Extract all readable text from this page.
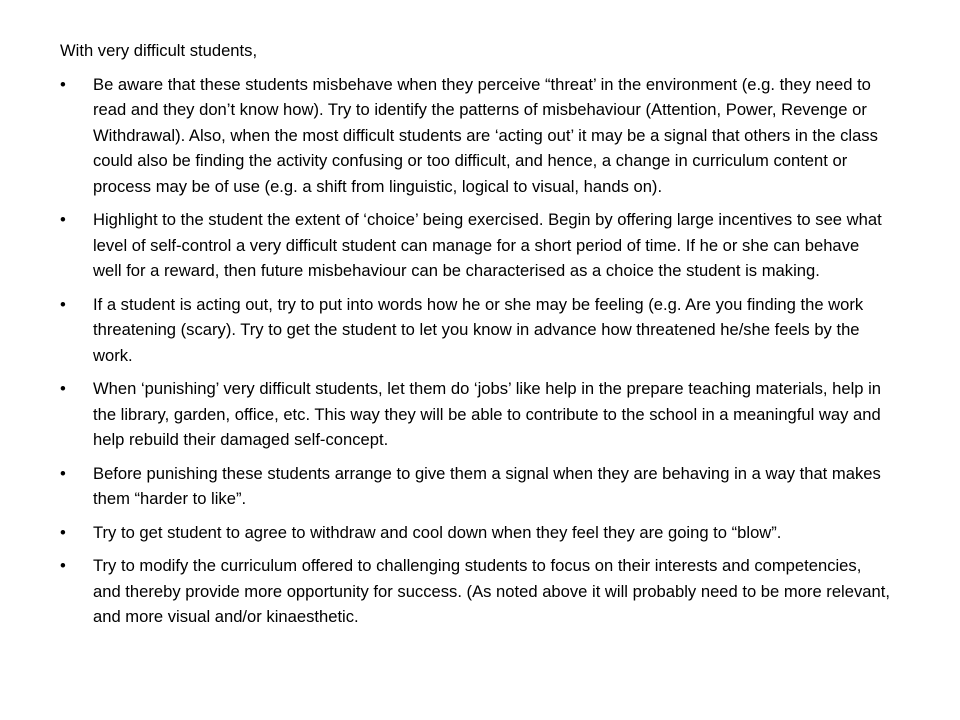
With very difficult students,

•	Be aware that these students misbehave when they perceive “threat’ in the environment (e.g. they need to read and they don’t know how). Try to identify the patterns of misbehaviour (Attention, Power, Revenge or Withdrawal). Also, when the most difficult students are ‘acting out’ it may be a signal that others in the class could also be finding the activity confusing or too difficult, and hence, a change in curriculum content or process may be of use (e.g. a shift from linguistic, logical to visual, hands on).
•	Highlight to the student the extent of ‘choice’ being exercised. Begin by offering large incentives to see what level of self-control a very difficult student can manage for a short period of time. If he or she can behave well for a reward, then future misbehaviour can be characterised as a choice the student is making.
•	If a student is acting out, try to put into words how he or she may be feeling (e.g. Are you finding the work threatening (scary). Try to get the student to let you know in advance how threatened he/she feels by the work.
•	When ‘punishing’ very difficult students, let them do ‘jobs’ like help in the prepare teaching materials, help in the library, garden, office, etc. This way they will be able to contribute to the school in a meaningful way and help rebuild their damaged self-concept.
•	Before punishing these students arrange to give them a signal when they are behaving in a way that makes them “harder to like”.
•	Try to get student to agree to withdraw and cool down when they feel they are going to “blow”.
•	Try to modify the curriculum offered to challenging students to focus on their interests and competencies, and thereby provide more opportunity for success. (As noted above it will probably need to be more relevant, and more visual and/or kinaesthetic.
